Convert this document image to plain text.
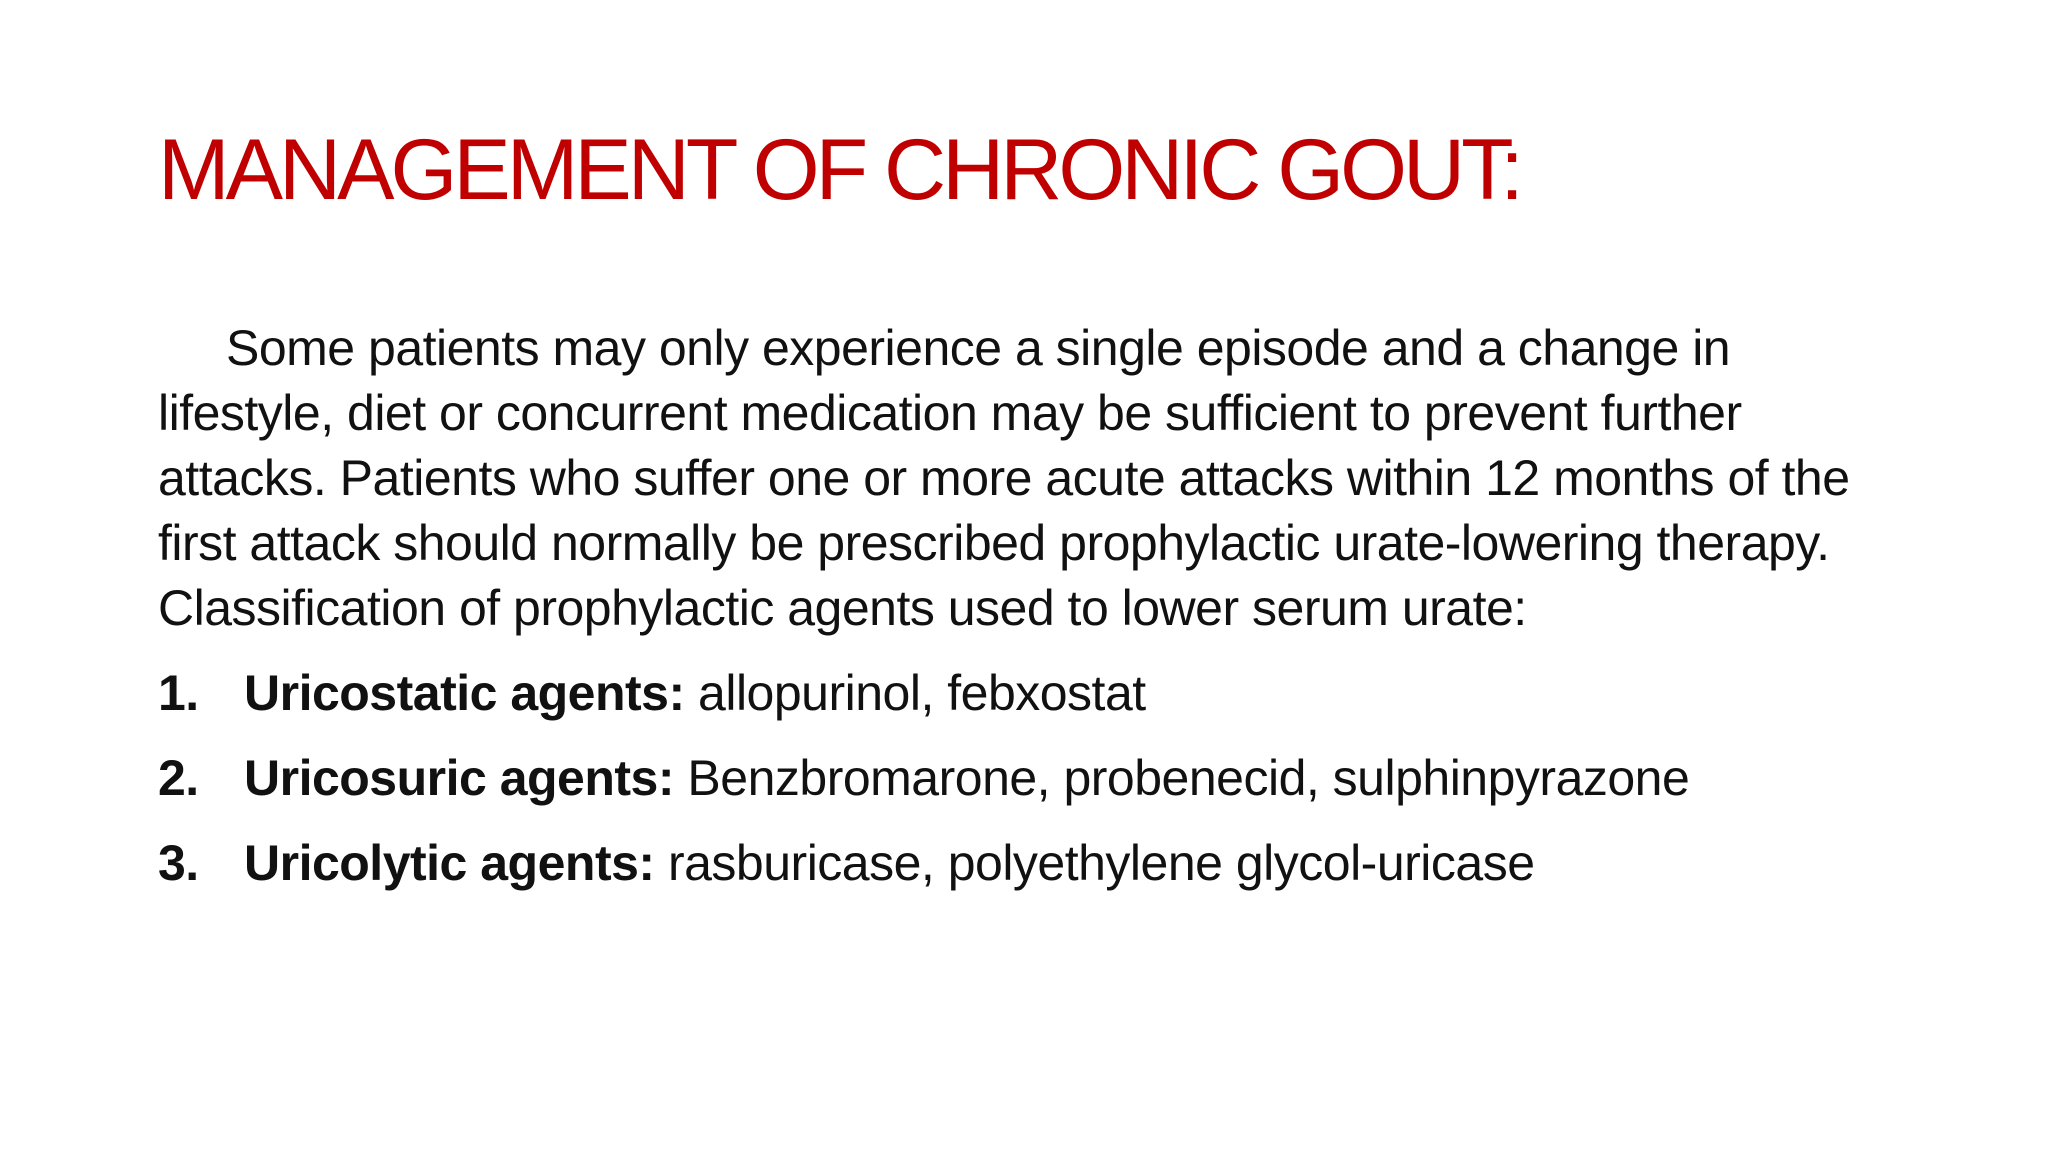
MANAGEMENT OF CHRONIC GOUT:

Some patients may only experience a single episode and a change in lifestyle, diet or concurrent medication may be sufficient to prevent further attacks. Patients who suffer one or more acute attacks within 12 months of the first attack should normally be prescribed prophylactic urate-lowering therapy. Classification of prophylactic agents used to lower serum urate:

1. Uricostatic agents:
allopurinol, febxostat
2. Uricosuric agents:
Benzbromarone, probenecid, sulphinpyrazone
3. Uricolytic agents:
rasburicase, polyethylene glycol-uricase
